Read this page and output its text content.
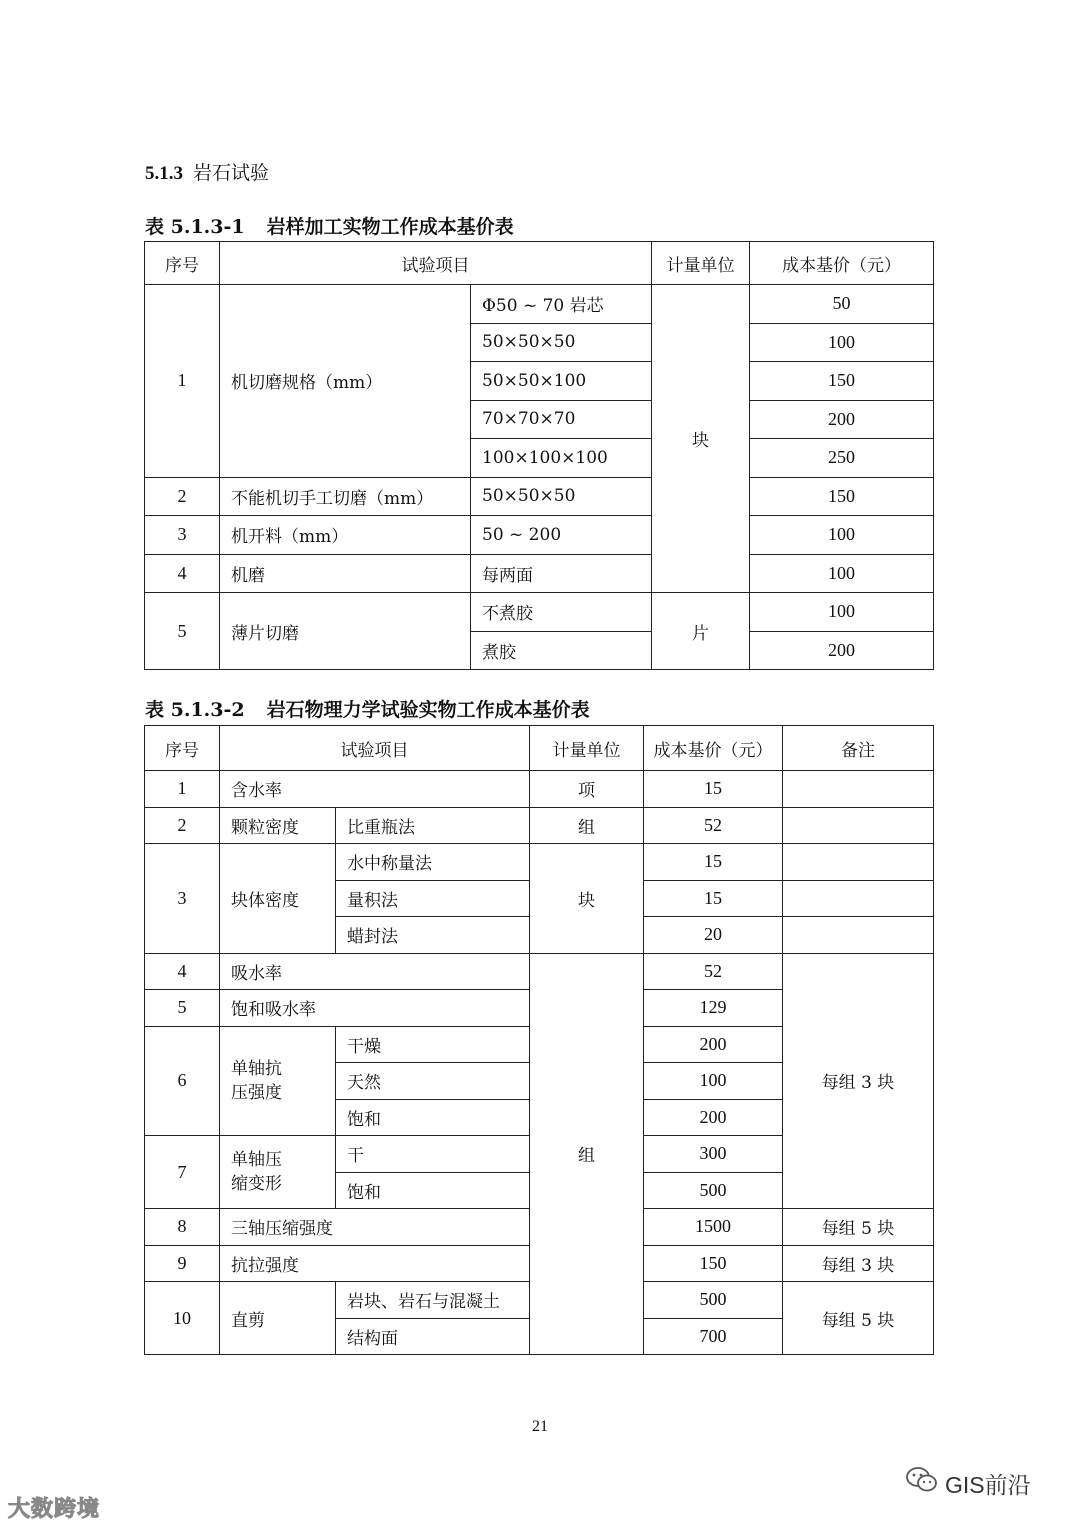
5.1.3 岩石试验
表 5.1.3-1 岩样加工实物工作成本基价表
序号	试验项目		计量单位	成本基价（元）
1	机切磨规格（mm）	Φ50 ~ 70 岩芯	块	50
		50×50×50		100
		50×50×100		150
		70×70×70		200
		100×100×100		250
2	不能机切手工切磨（mm）	50×50×50		150
3	机开料（mm）	50 ~ 200		100
4	机磨	每两面		100
5	薄片切磨	不煮胶	片	100
		煮胶		200
表 5.1.3-2 岩石物理力学试验实物工作成本基价表
序号	试验项目		计量单位	成本基价（元）	备注
1	含水率		项	15	
2	颗粒密度	比重瓶法	组	52	
3	块体密度	水中称量法	块	15	
		量积法		15	
		蜡封法		20	
4	吸水率		组	52	每组 3 块
5	饱和吸水率			129	
6	单轴抗压强度	干燥		200	
		天然		100	
		饱和		200	
7	单轴压缩变形	干		300	
		饱和		500	
8	三轴压缩强度			1500	每组 5 块
9	抗拉强度			150	每组 3 块
10	直剪	岩块、岩石与混凝土		500	每组 5 块
		结构面		700	
21
大数跨境
GIS前沿
